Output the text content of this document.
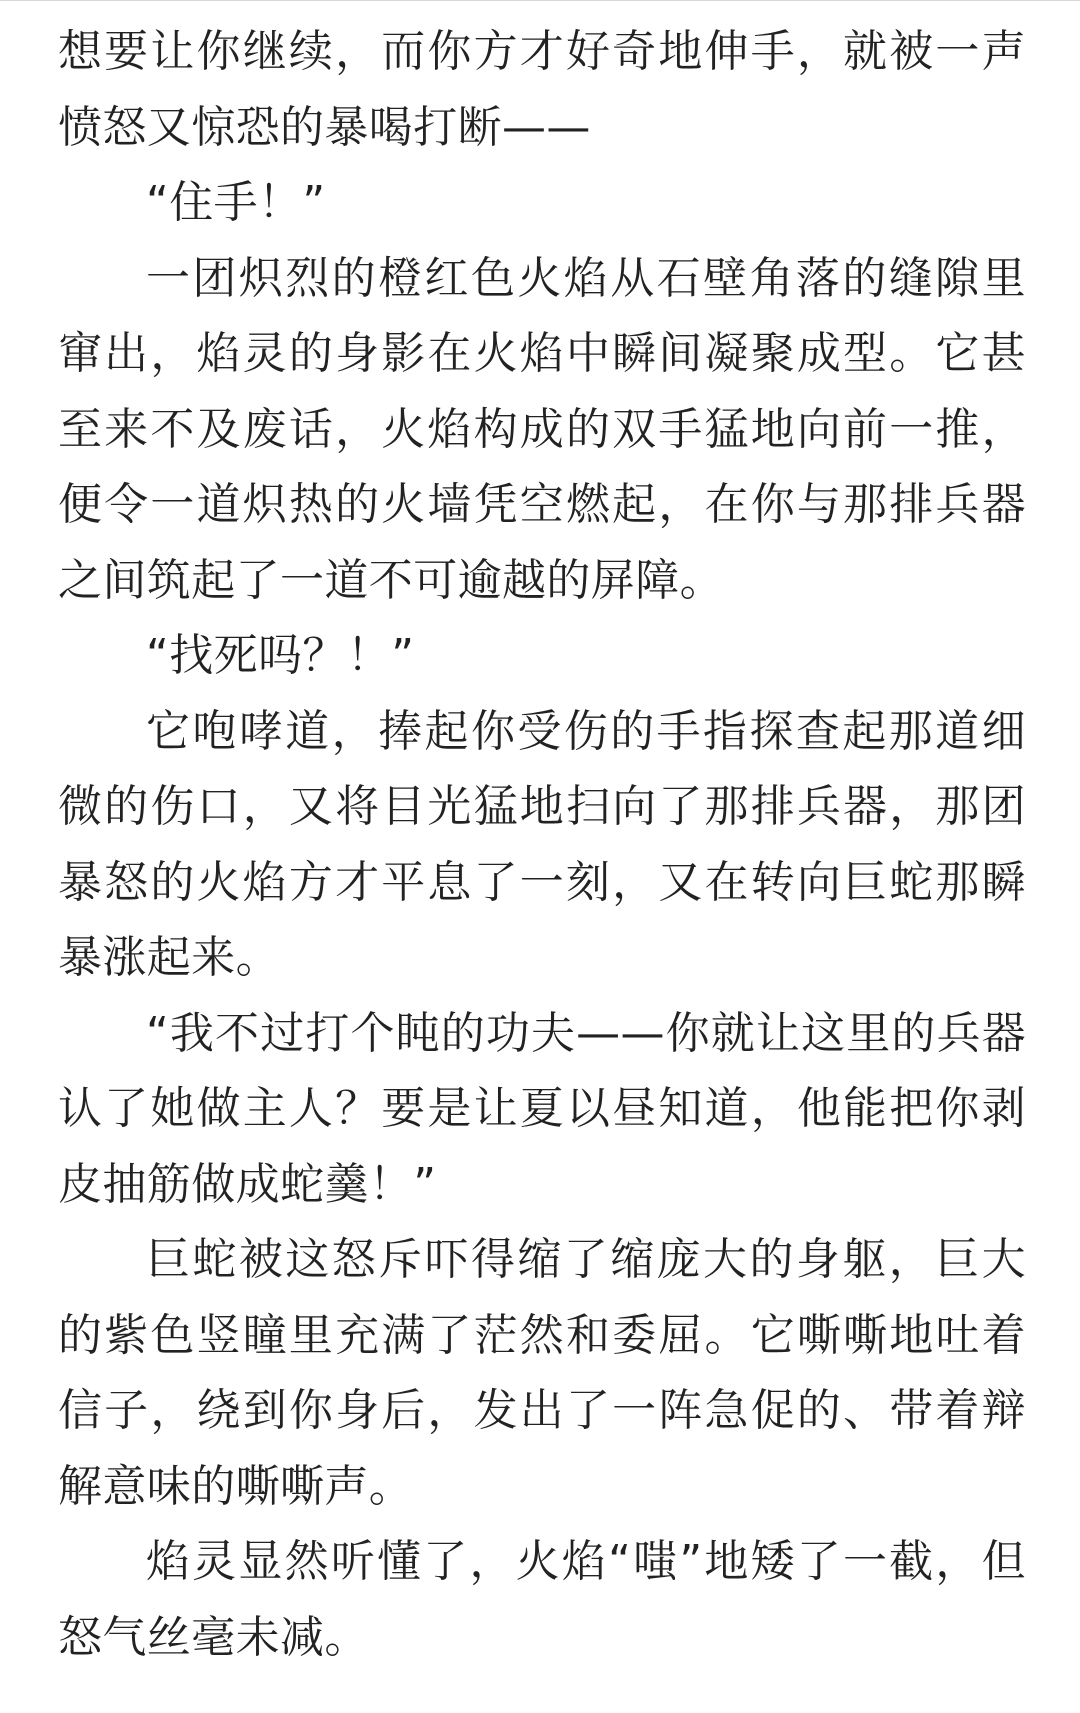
想要让你继续，而你方才好奇地伸手，就被一声愤怒又惊恐的暴喝打断——

“住手！”

一团炽烈的橙红色火焰从石壁角落的缝隙里窜出，焰灵的身影在火焰中瞬间凝聚成型。它甚至来不及废话，火焰构成的双手猛地向前一推，便令一道炽热的火墙凭空燃起，在你与那排兵器之间筑起了一道不可逾越的屏障。

“找死吗？！”

它咆哮道，捧起你受伤的手指探查起那道细微的伤口，又将目光猛地扫向了那排兵器，那团暴怒的火焰方才平息了一刻，又在转向巨蛇那瞬暴涨起来。

“我不过打个盹的功夫——你就让这里的兵器认了她做主人？要是让夏以昼知道，他能把你剥皮抽筋做成蛇羹！”

巨蛇被这怒斥吓得缩了缩庞大的身躯，巨大的紫色竖瞳里充满了茫然和委屈。它嘶嘶地吐着信子，绕到你身后，发出了一阵急促的、带着辩解意味的嘶嘶声。

焰灵显然听懂了，火焰“嗤”地矮了一截，但怒气丝毫未减。
